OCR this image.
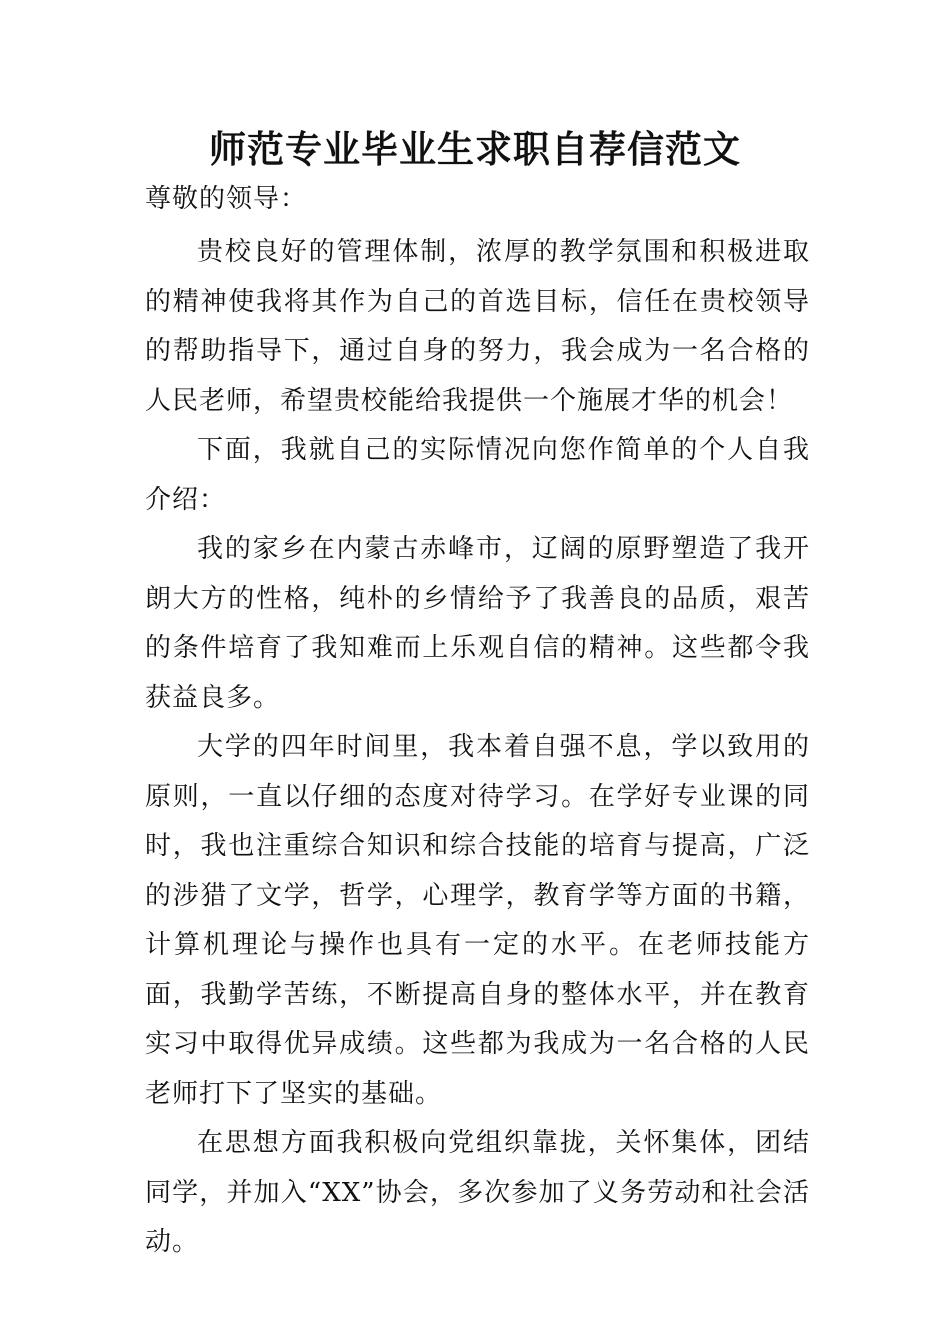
师范专业毕业生求职自荐信范文

尊敬的领导：

贵校良好的管理体制，浓厚的教学氛围和积极进取的精神使我将其作为自己的首选目标，信任在贵校领导的帮助指导下，通过自身的努力，我会成为一名合格的人民老师，希望贵校能给我提供一个施展才华的机会！

下面，我就自己的实际情况向您作简单的个人自我介绍：

我的家乡在内蒙古赤峰市，辽阔的原野塑造了我开朗大方的性格，纯朴的乡情给予了我善良的品质，艰苦的条件培育了我知难而上乐观自信的精神。这些都令我获益良多。

大学的四年时间里，我本着自强不息，学以致用的原则，一直以仔细的态度对待学习。在学好专业课的同时，我也注重综合知识和综合技能的培育与提高，广泛的涉猎了文学，哲学，心理学，教育学等方面的书籍，计算机理论与操作也具有一定的水平。在老师技能方面，我勤学苦练，不断提高自身的整体水平，并在教育实习中取得优异成绩。这些都为我成为一名合格的人民老师打下了坚实的基础。

在思想方面我积极向党组织靠拢，关怀集体，团结同学，并加入“XX”协会，多次参加了义务劳动和社会活动。
